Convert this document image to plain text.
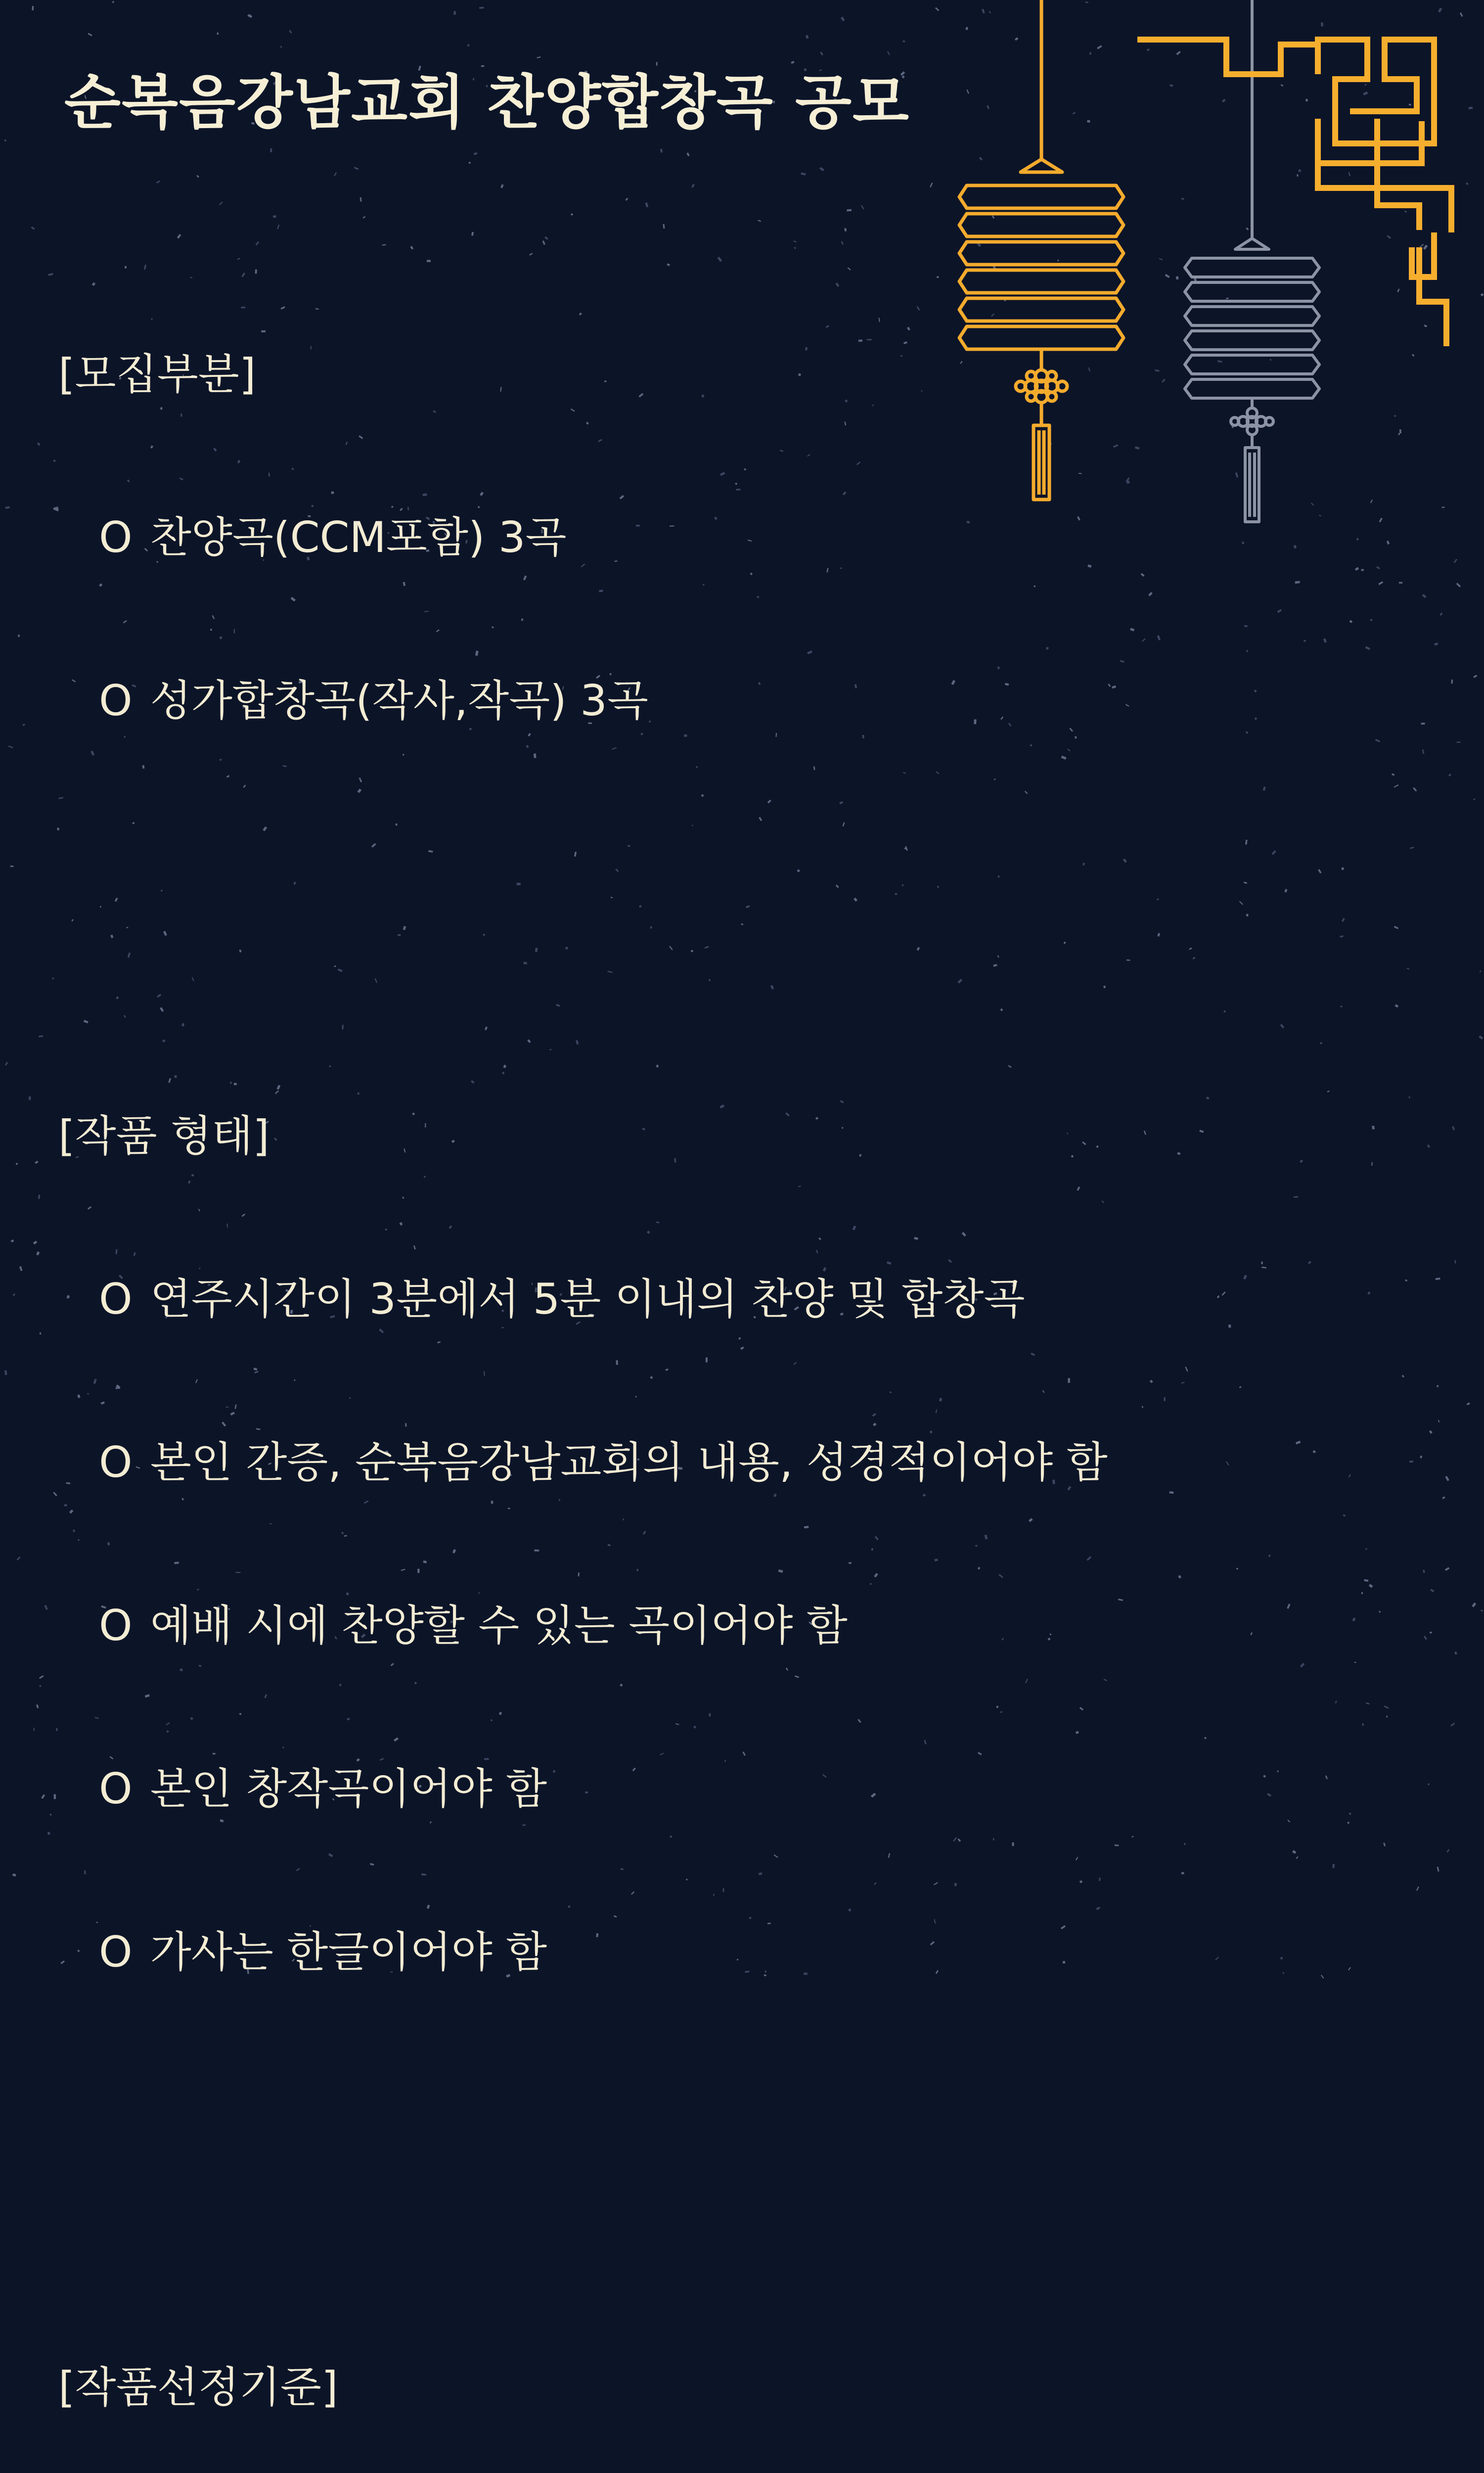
순복음강남교회 찬양합창곡 공모

[모집부분]

O 찬양곡(CCM포함) 3곡

O 성가합창곡(작사,작곡) 3곡

[작품 형태]

O 연주시간이 3분에서 5분 이내의 찬양 및 합창곡

O 본인 간증, 순복음강남교회의 내용, 성경적이어야 함

O 예배 시에 찬양할 수 있는 곡이어야 함

O 본인 창작곡이어야 함

O 가사는 한글이어야 함

[작품선정기준]
